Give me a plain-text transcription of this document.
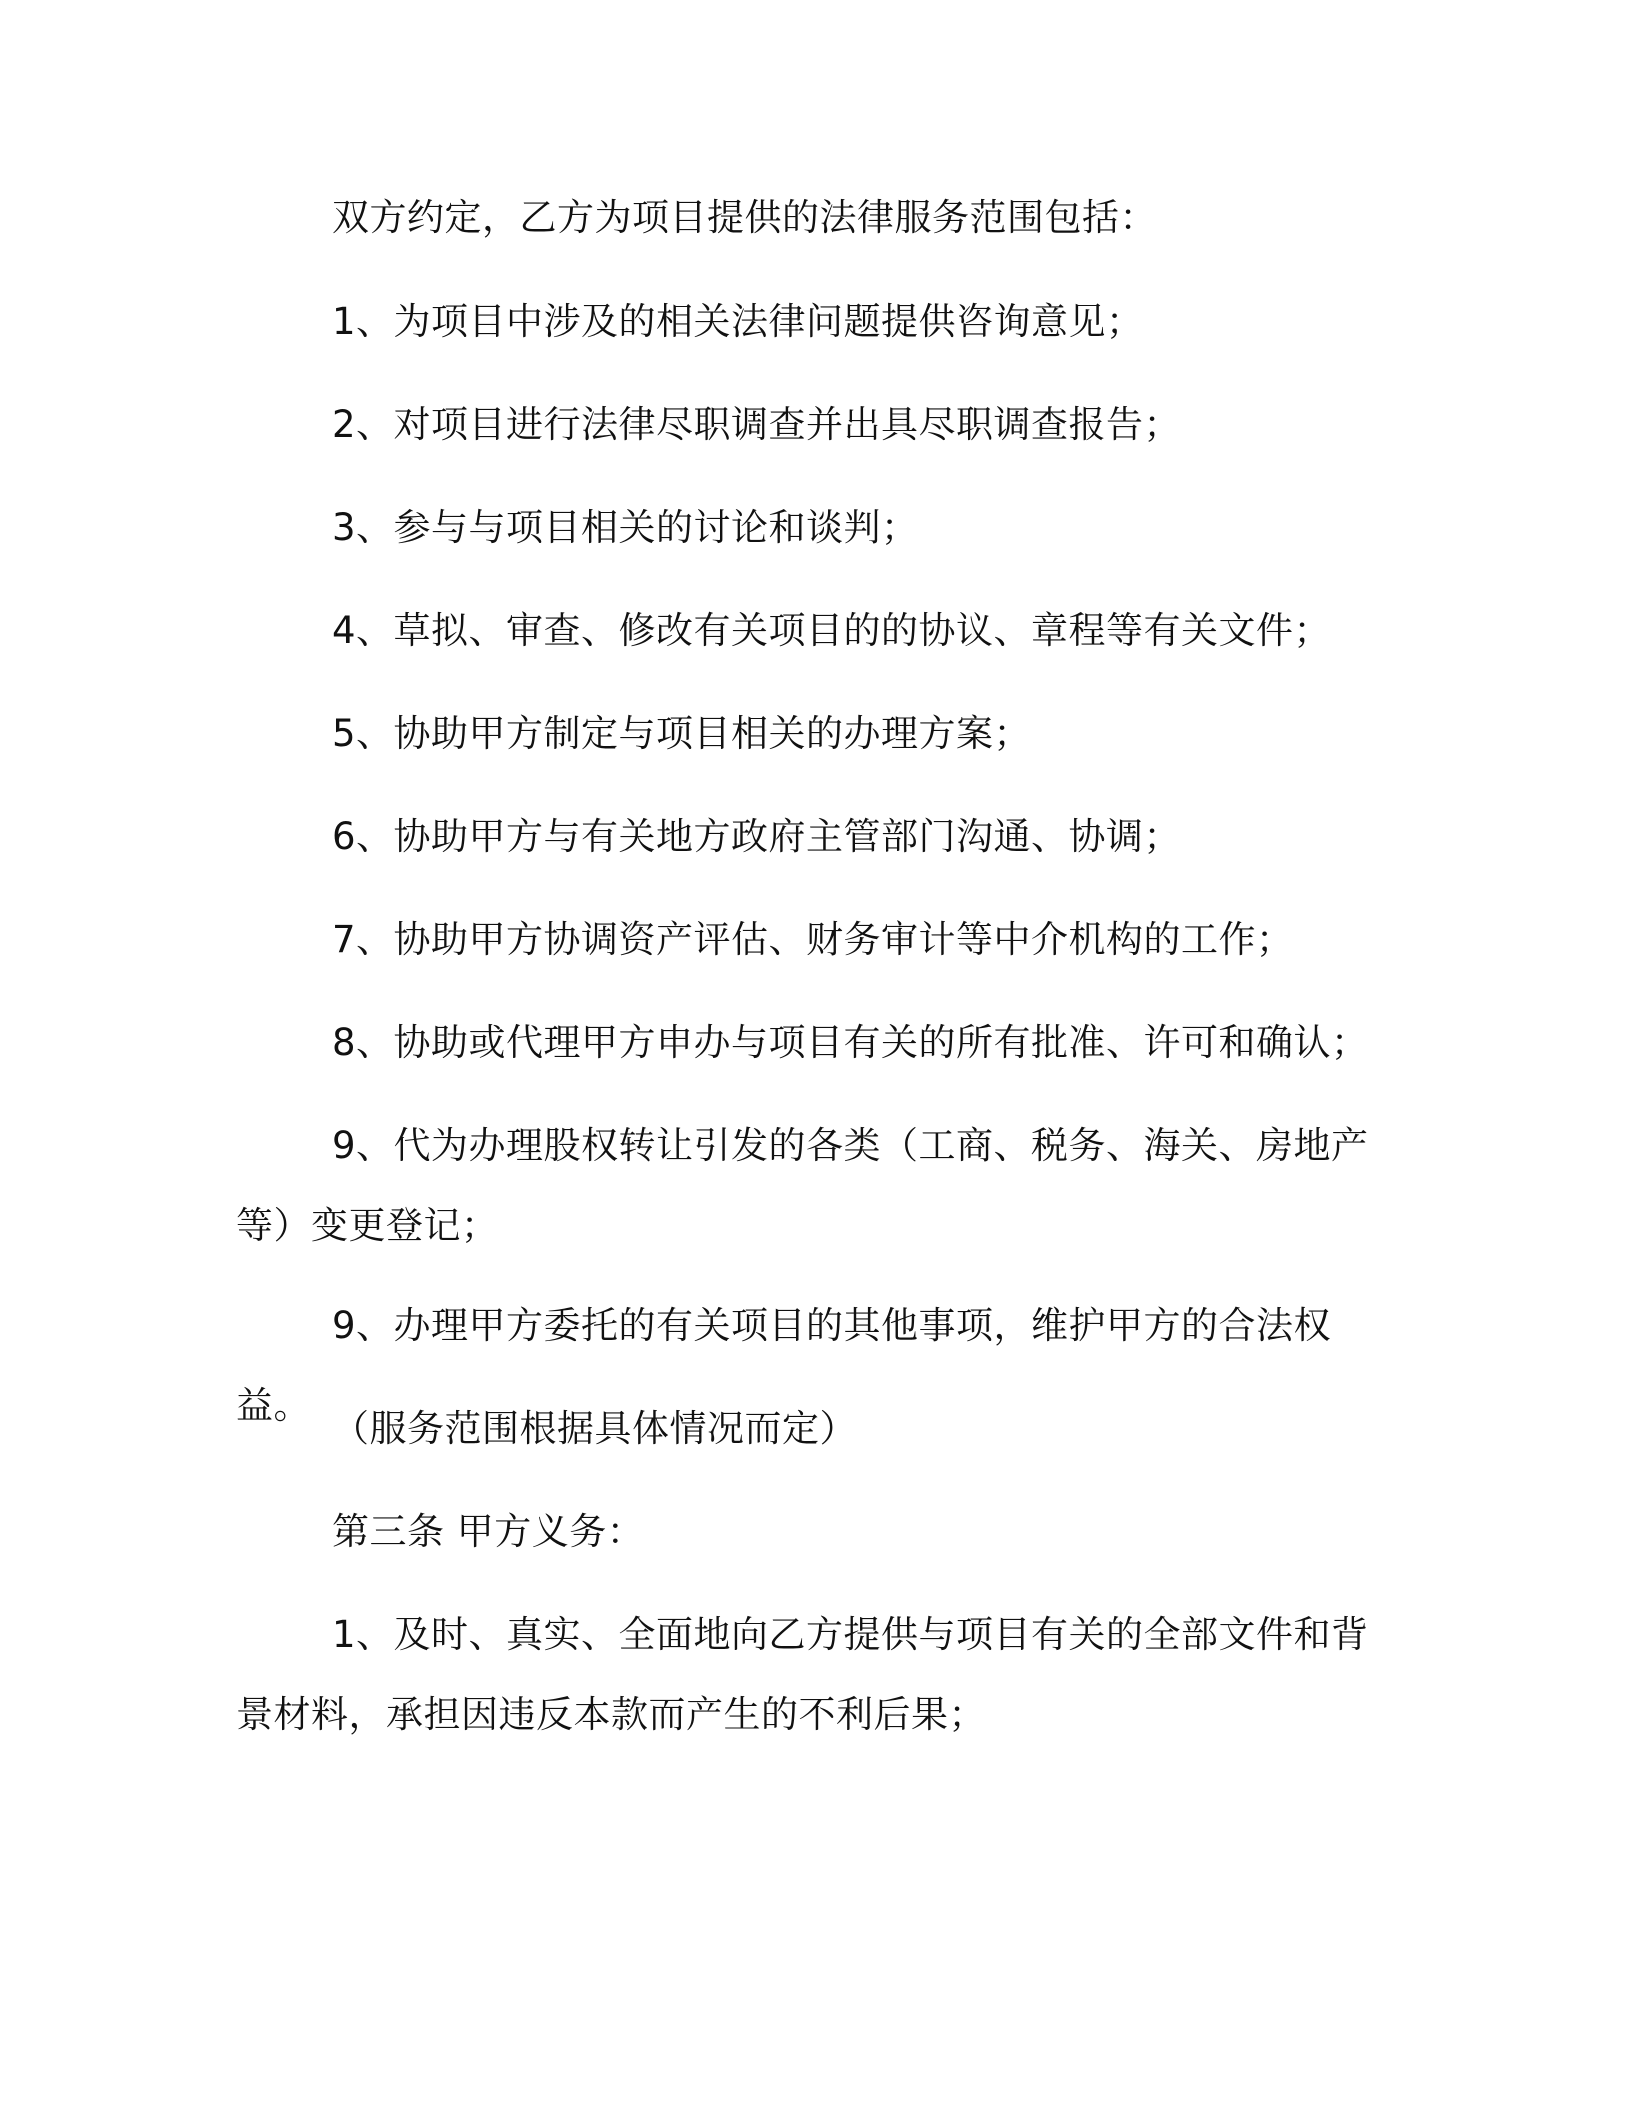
双方约定，乙方为项目提供的法律服务范围包括：

1、为项目中涉及的相关法律问题提供咨询意见；

2、对项目进行法律尽职调查并出具尽职调查报告；

3、参与与项目相关的讨论和谈判；

4、草拟、审查、修改有关项目的的协议、章程等有关文件；

5、协助甲方制定与项目相关的办理方案；

6、协助甲方与有关地方政府主管部门沟通、协调；

7、协助甲方协调资产评估、财务审计等中介机构的工作；

8、协助或代理甲方申办与项目有关的所有批准、许可和确认；

9、代为办理股权转让引发的各类（工商、税务、海关、房地产等）变更登记；

9、办理甲方委托的有关项目的其他事项，维护甲方的合法权益。

（服务范围根据具体情况而定）

第三条 甲方义务：

1、及时、真实、全面地向乙方提供与项目有关的全部文件和背景材料，承担因违反本款而产生的不利后果；
